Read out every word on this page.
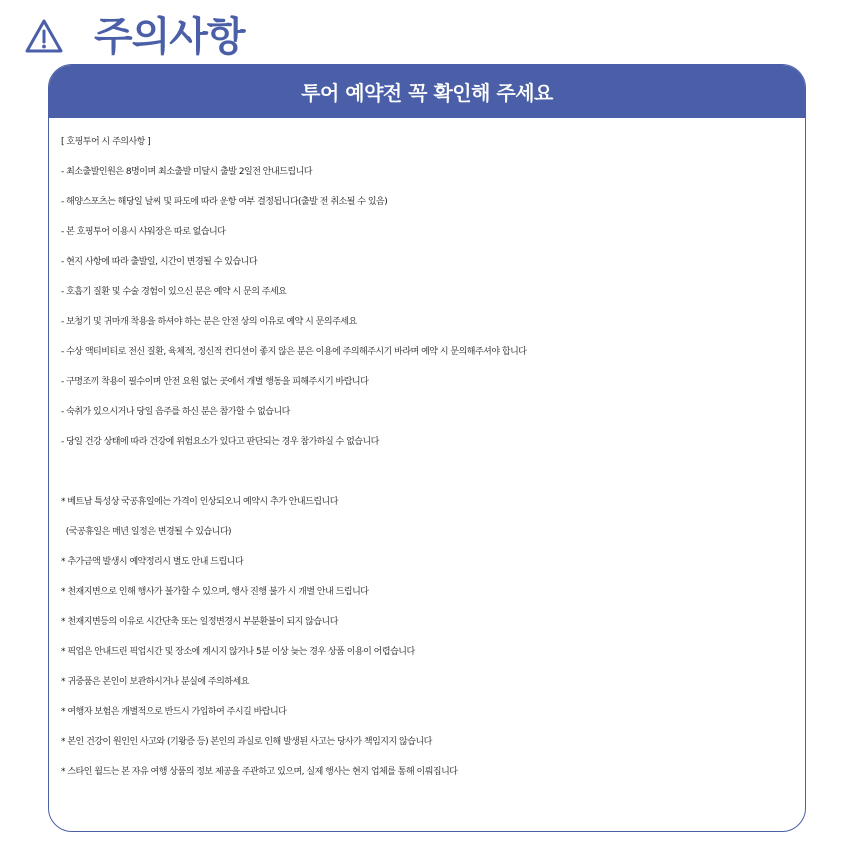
주의사항
투어 예약전 꼭 확인해 주세요
[ 호핑투어 시 주의사항 ]
- 최소출발인원은 8명이며 최소출발 미달시 출발 2일전 안내드립니다
- 해양스포츠는 해당일 날씨 및 파도에 따라 운항 여부 결정됩니다(출발 전 취소될 수 있음)
- 본 호핑투어 이용시 샤워장은 따로 없습니다
- 현지 사항에 따라 출발일, 시간이 변경될 수 있습니다
- 호흡기 질환 및 수술 경험이 있으신 분은 예약 시 문의 주세요
- 보청기 및 귀마개 착용을 하셔야 하는 분은 안전 상의 이유로 예약 시 문의주세요
- 수상 액티비티로 전신 질환, 육체적, 정신적 컨디션이 좋지 않은 분은 이용에 주의해주시기 바라며 예약 시 문의해주셔야 합니다
- 구명조끼 착용이 필수이며 안전 요원 없는 곳에서 개별 행동을 피해주시기 바랍니다
- 숙취가 있으시거나 당일 음주를 하신 분은 참가할 수 없습니다
- 당일 건강 상태에 따라 건강에 위험요소가 있다고 판단되는 경우 참가하실 수 없습니다
* 베트남 특성상 국공휴일에는 가격이 인상되오니 예약시 추가 안내드립니다
(국공휴일은 매년 일정은 변경될 수 있습니다)
* 추가금액 발생시 예약정리시 별도 안내 드립니다
* 천재지변으로 인해 행사가 불가할 수 있으며, 행사 진행 불가 시 개별 안내 드립니다
* 천재지변등의 이유로 시간단축 또는 일정변경시 부분환불이 되지 않습니다
* 픽업은 안내드린 픽업시간 및 장소에 계시지 않거나 5분 이상 늦는 경우 상품 이용이 어렵습니다
* 귀중품은 본인이 보관하시거나 분실에 주의하세요
* 여행자 보험은 개별적으로 반드시 가입하여 주시길 바랍니다
* 본인 건강이 원인인 사고와 (기왕증 등) 본인의 과실로 인해 발생된 사고는 당사가 책임지지 않습니다
* 스타인 월드는 본 자유 여행 상품의 정보 제공을 주관하고 있으며, 실제 행사는 현지 업체를 통해 이뤄집니다
